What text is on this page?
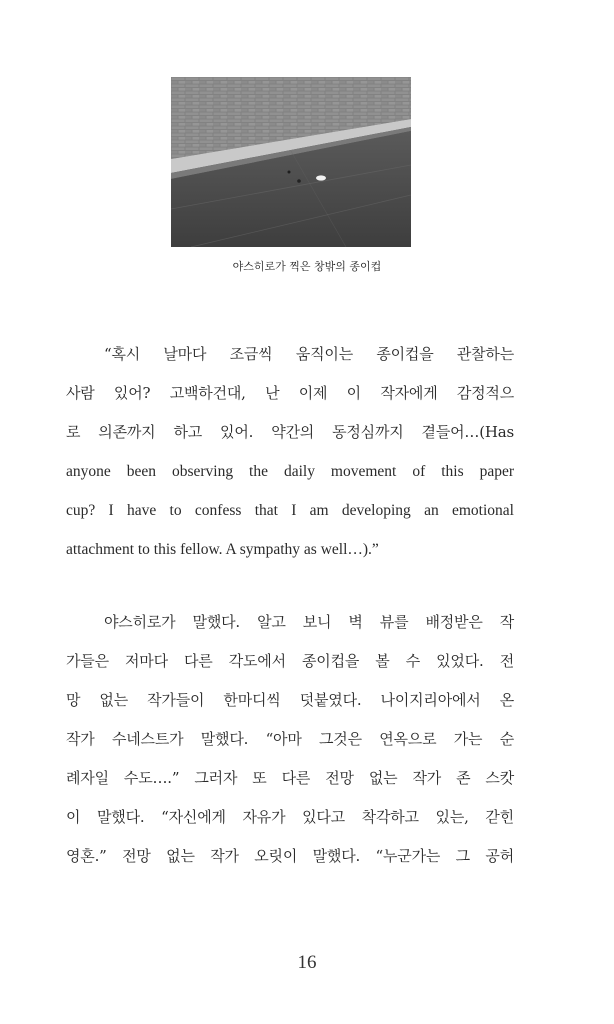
야스히로가 찍은 창밖의 종이컵

“혹시 날마다 조금씩 움직이는 종이컵을 관찰하는
사람 있어? 고백하건대, 난 이제 이 작자에게 감정적으
로 의존까지 하고 있어. 약간의 동정심까지 곁들어…(Has
anyone been observing the daily movement of this paper
cup? I have to confess that I am developing an emotional
attachment to this fellow. A sympathy as well…).”

야스히로가 말했다. 알고 보니 벽 뷰를 배정받은 작
가들은 저마다 다른 각도에서 종이컵을 볼 수 있었다. 전
망 없는 작가들이 한마디씩 덧붙였다. 나이지리아에서 온
작가 수네스트가 말했다. “아마 그것은 연옥으로 가는 순
례자일 수도….” 그러자 또 다른 전망 없는 작가 존 스캇
이 말했다. “자신에게 자유가 있다고 착각하고 있는, 갇힌
영혼.” 전망 없는 작가 오릿이 말했다. “누군가는 그 공허

16
